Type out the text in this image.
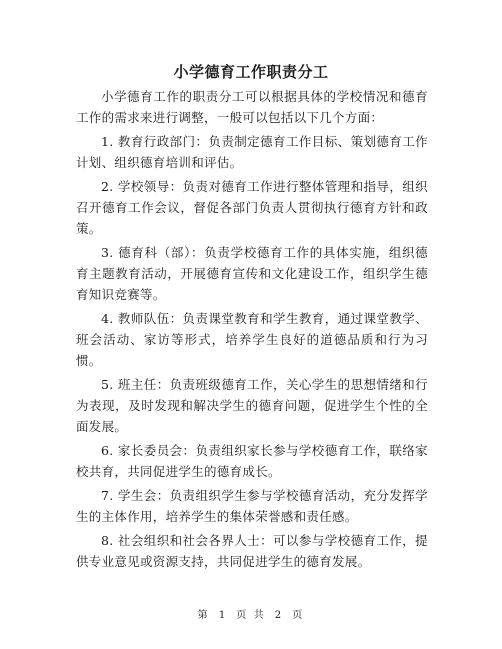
小学德育工作职责分工

小学德育工作的职责分工可以根据具体的学校情况和德育工作的需求来进行调整，一般可以包括以下几个方面：

1. 教育行政部门：负责制定德育工作目标、策划德育工作计划、组织德育培训和评估。

2. 学校领导：负责对德育工作进行整体管理和指导，组织召开德育工作会议，督促各部门负责人贯彻执行德育方针和政策。

3. 德育科（部）：负责学校德育工作的具体实施，组织德育主题教育活动，开展德育宣传和文化建设工作，组织学生德育知识竞赛等。

4. 教师队伍：负责课堂教育和学生教育，通过课堂教学、班会活动、家访等形式，培养学生良好的道德品质和行为习惯。

5. 班主任：负责班级德育工作，关心学生的思想情绪和行为表现，及时发现和解决学生的德育问题，促进学生个性的全面发展。

6. 家长委员会：负责组织家长参与学校德育工作，联络家校共育，共同促进学生的德育成长。

7. 学生会：负责组织学生参与学校德育活动，充分发挥学生的主体作用，培养学生的集体荣誉感和责任感。

8. 社会组织和社会各界人士：可以参与学校德育工作，提供专业意见或资源支持，共同促进学生的德育发展。

第 1 页 共 2 页
